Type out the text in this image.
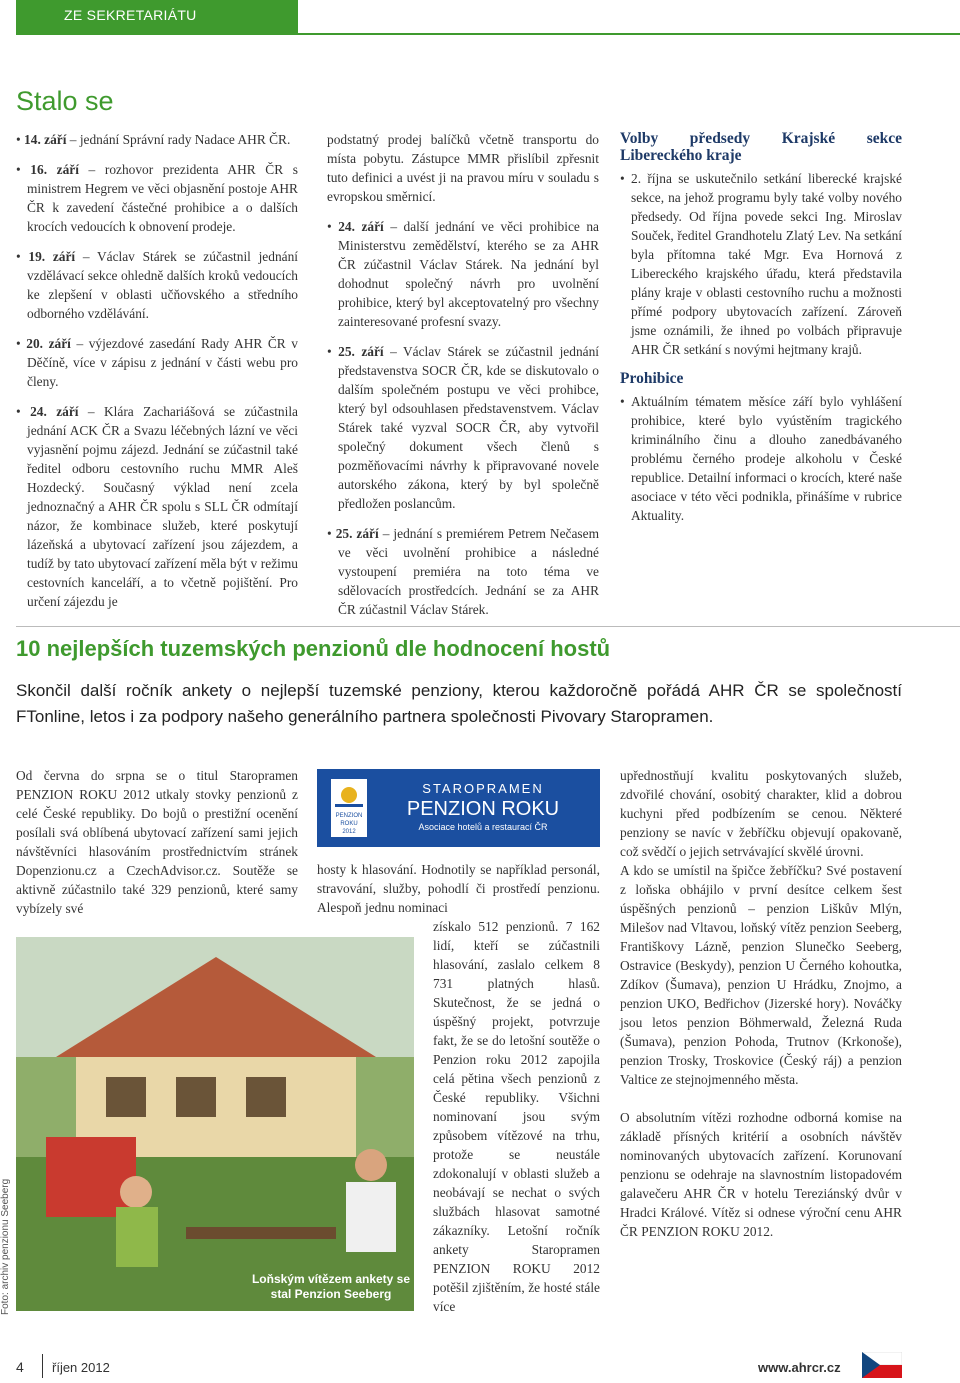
ZE SEKRETARIÁTU
Stalo se
• 14. září – jednání Správní rady Nadace AHR ČR.
• 16. září – rozhovor prezidenta AHR ČR s ministrem Hegrem ve věci objasnění postoje AHR ČR k zavedení částečné prohibice a o dalších krocích vedoucích k obnovení prodeje.
• 19. září – Václav Stárek se zúčastnil jednání vzdělávací sekce ohledně dalších kroků vedoucích ke zlepšení v oblasti učňovského a středního odborného vzdělávání.
• 20. září – výjezdové zasedání Rady AHR ČR v Děčíně, více v zápisu z jednání v části webu pro členy.
• 24. září – Klára Zachariášová se zúčastnila jednání ACK ČR a Svazu léčebných lázní ve věci vyjasnění pojmu zájezd. Jednání se zúčastnil také ředitel odboru cestovního ruchu MMR Aleš Hozdecký. Současný výklad není zcela jednoznačný a AHR ČR spolu s SLL ČR odmítají názor, že kombinace služeb, které poskytují lázeňská a ubytovací zařízení jsou zájezdem, a tudíž by tato ubytovací zařízení měla být v režimu cestovních kanceláří, a to včetně pojištění. Pro určení zájezdu je

podstatný prodej balíčků včetně transportu do místa pobytu. Zástupce MMR přislíbil zpřesnit tuto definici a uvést ji na pravou míru v souladu s evropskou směrnicí.

• 24. září – další jednání ve věci prohibice na Ministerstvu zemědělství, kterého se za AHR ČR zúčastnil Václav Stárek. Na jednání byl dohodnut společný návrh pro uvolnění prohibice, který byl akceptovatelný pro všechny zainteresované profesní svazy.
• 25. září – Václav Stárek se zúčastnil jednání představenstva SOCR ČR, kde se diskutovalo o dalším společném postupu ve věci prohibce, který byl odsouhlasen představenstvem. Václav Stárek také vyzval SOCR ČR, aby vytvořil společný dokument všech členů s pozměňovacími návrhy k připravované novele autorského zákona, který by byl společně předložen poslancům.
• 25. září – jednání s premiérem Petrem Nečasem ve věci uvolnění prohibice a následné vystoupení premiéra na toto téma ve sdělovacích prostředcích. Jednání se za AHR ČR zúčastnil Václav Stárek.
Volby předsedy Krajské sekce Libereckého kraje
• 2. října se uskutečnilo setkání liberecké krajské sekce, na jehož programu byly také volby nového předsedy. Od října povede sekci Ing. Miroslav Souček, ředitel Grandhotelu Zlatý Lev. Na setkání byla přítomna také Mgr. Eva Hornová z Libereckého krajského úřadu, která představila plány kraje v oblasti cestovního ruchu a možnosti přímé podpory ubytovacích zařízení. Zároveň jsme oznámili, že ihned po volbách připravuje AHR ČR setkání s novými hejtmany krajů.
Prohibice
• Aktuálním tématem měsíce září bylo vyhlášení prohibice, které bylo vyústěním tragického kriminálního činu a dlouho zanedbávaného problému černého prodeje alkoholu v České republice. Detailní informaci o krocích, které naše asociace v této věci podnikla, přinášíme v rubrice Aktuality.
10 nejlepších tuzemských penzionů dle hodnocení hostů
Skončil další ročník ankety o nejlepší tuzemské penziony, kterou každoročně pořádá AHR ČR se společností FTonline, letos i za podpory našeho generálního partnera společnosti Pivovary Staropramen.

Od června do srpna se o titul Staropramen PENZION ROKU 2012 utkaly stovky penzionů z celé České republiky. Do bojů o prestižní ocenění posílali svá oblíbená ubytovací zařízení sami jejich návštěvníci hlasováním prostřednictvím stránek Dopenzionu.cz a CzechAdvisor.cz. Soutěže se aktivně zúčastnilo také 329 penzionů, které samy vybízely své

PENZION
ROKU
2012
STAROPRAMEN
PENZION ROKU
Asociace hotelů a restaurací ČR

hosty k hlasování. Hodnotily se například personál, stravování, služby, pohodlí či prostředí penzionu. Alespoň jednu nominaci

získalo 512 penzionů. 7 162 lidí, kteří se zúčastnili hlasování, zaslalo celkem 8 731 platných hlasů. Skutečnost, že se jedná o úspěšný projekt, potvrzuje fakt, že se do letošní soutěže o Penzion roku 2012 zapojila celá pětina všech penzionů z České republiky. Všichni nominovaní jsou svým způsobem vítězové na trhu, protože se neustále zdokonalují v oblasti služeb a neobávají se nechat o svých službách hlasovat samotné zákazníky. Letošní ročník ankety Staropramen PENZION ROKU 2012 potěšil zjištěním, že hosté stále více

upřednostňují kvalitu poskytovaných služeb, zdvořilé chování, osobitý charakter, klid a dobrou kuchyni před podbízením se cenou. Některé penziony se navíc v žebříčku objevují opakovaně, což svědčí o jejich setrvávající skvělé úrovni.

A kdo se umístil na špičce žebříčku? Své postavení z loňska obhájilo v první desítce celkem šest úspěšných penzionů – penzion Liškův Mlýn, Milešov nad Vltavou, loňský vítěz penzion Seeberg, Františkovy Lázně, penzion Slunečko Seeberg, Ostravice (Beskydy), penzion U Černého kohoutka, Zdíkov (Šumava), penzion U Hrádku, Znojmo, a penzion UKO, Bedřichov (Jizerské hory). Nováčky jsou letos penzion Böhmerwald, Železná Ruda (Šumava), penzion Pohoda, Trutnov (Krkonoše), penzion Trosky, Troskovice (Český ráj) a penzion Valtice ze stejnojmenného města.

O absolutním vítězi rozhodne odborná komise na základě přísných kritérií a osobních návštěv nominovaných ubytovacích zařízení. Korunovaní penzionu se odehraje na slavnostním listopadovém galavečeru AHR ČR v hotelu Tereziánský dvůr v Hradci Králové. Vítěz si odnese výroční cenu AHR ČR PENZION ROKU 2012.

Loňským vítězem ankety se stal Penzion Seeberg
Foto: archiv penzionu Seeberg
4 říjen 2012	www.ahrcr.cz
